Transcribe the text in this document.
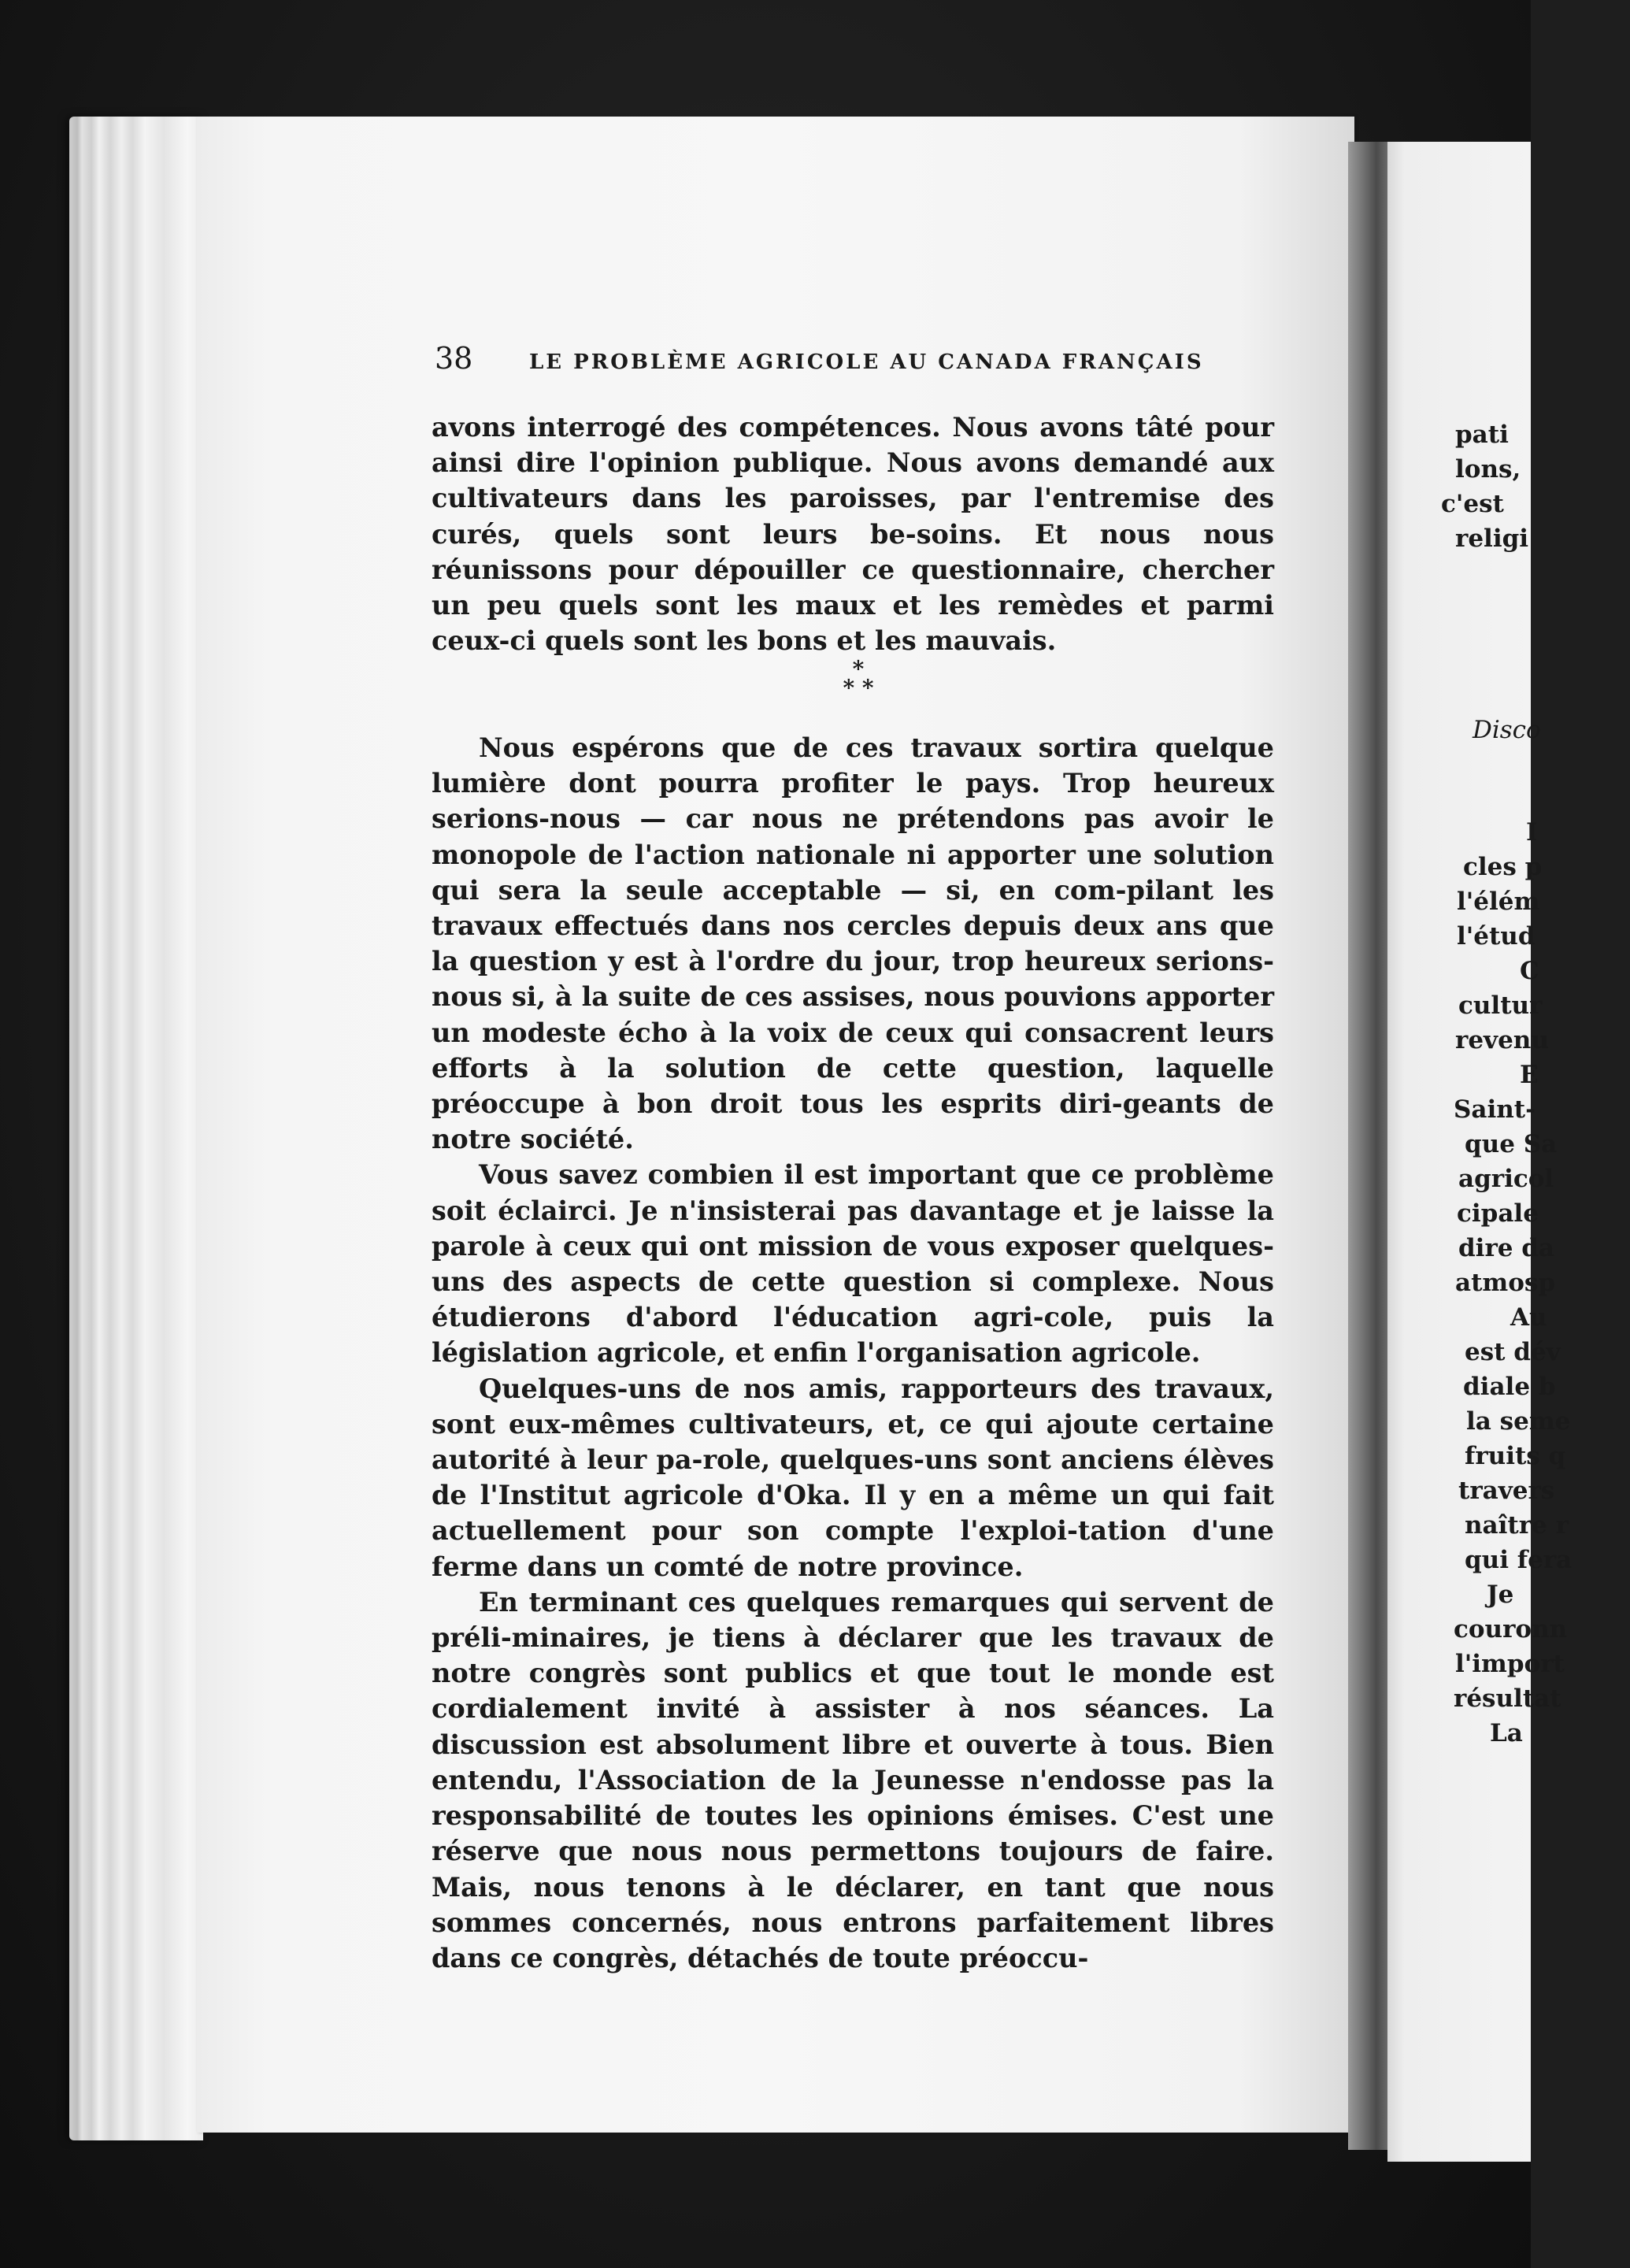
38	LE PROBLÈME AGRICOLE AU CANADA FRANÇAIS

avons interrogé des compétences. Nous avons tâté pour ainsi dire l'opinion publique. Nous avons demandé aux cultivateurs dans les paroisses, par l'entremise des curés, quels sont leurs be-soins. Et nous nous réunissons pour dépouiller ce questionnaire, chercher un peu quels sont les maux et les remèdes et parmi ceux-ci quels sont les bons et les mauvais.

*
* *

Nous espérons que de ces travaux sortira quelque lumière dont pourra profiter le pays. Trop heureux serions-nous — car nous ne prétendons pas avoir le monopole de l'action nationale ni apporter une solution qui sera la seule acceptable — si, en com-pilant les travaux effectués dans nos cercles depuis deux ans que la question y est à l'ordre du jour, trop heureux serions-nous si, à la suite de ces assises, nous pouvions apporter un modeste écho à la voix de ceux qui consacrent leurs efforts à la solution de cette question, laquelle préoccupe à bon droit tous les esprits diri-geants de notre société.

Vous savez combien il est important que ce problème soit éclairci. Je n'insisterai pas davantage et je laisse la parole à ceux qui ont mission de vous exposer quelques-uns des aspects de cette question si complexe. Nous étudierons d'abord l'éducation agri-cole, puis la législation agricole, et enfin l'organisation agricole.

Quelques-uns de nos amis, rapporteurs des travaux, sont eux-mêmes cultivateurs, et, ce qui ajoute certaine autorité à leur pa-role, quelques-uns sont anciens élèves de l'Institut agricole d'Oka. Il y en a même un qui fait actuellement pour son compte l'exploi-tation d'une ferme dans un comté de notre province.

En terminant ces quelques remarques qui servent de préli-minaires, je tiens à déclarer que les travaux de notre congrès sont publics et que tout le monde est cordialement invité à assister à nos séances. La discussion est absolument libre et ouverte à tous. Bien entendu, l'Association de la Jeunesse n'endosse pas la responsabilité de toutes les opinions émises. C'est une réserve que nous nous permettons toujours de faire. Mais, nous tenons à le déclarer, en tant que nous sommes concernés, nous entrons parfaitement libres dans ce congrès, détachés de toute préoccu-

pati
lons,
c'est
religi
Disco
I
cles p
l'élém
l'étud
C
cultur
revenu
E
Saint-
que Sa
agricol
cipale
dire da
atmosp
Au
est dév
diale b
la seme
fruits q
travers
naître r
qui fera
Je
couronn
l'import
résultat
La
